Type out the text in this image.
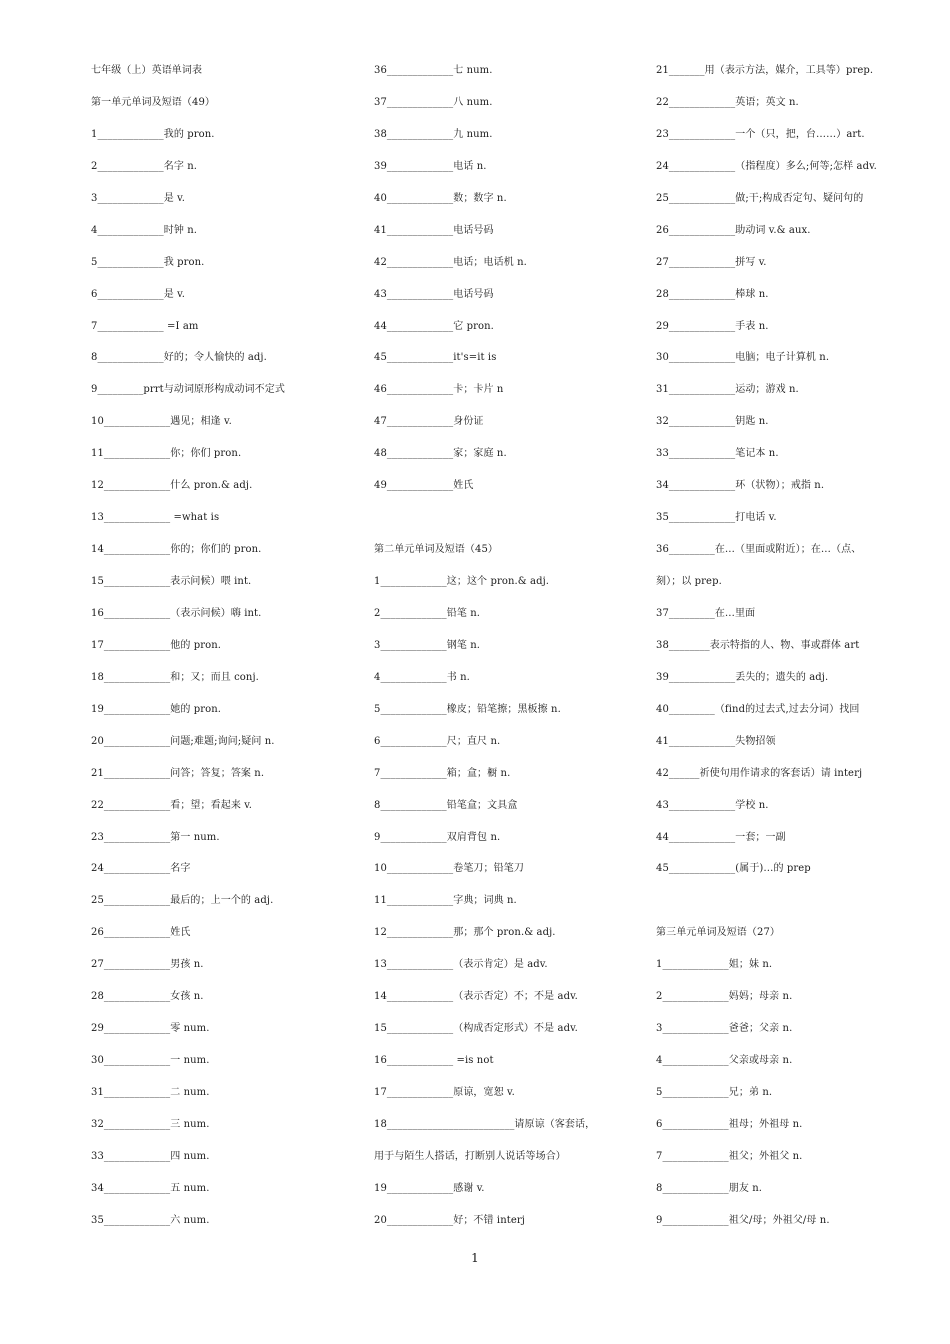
七年级（上）英语单词表
第一单元单词及短语（49）
1_____________我的 pron.
2_____________名字 n.
3_____________是 v.
4_____________时钟 n.
5_____________我 pron.
6_____________是 v.
7_____________ =I am
8_____________好的；令人愉快的 adj.
9_________prrt与动词原形构成动词不定式
10_____________遇见；相逢 v.
11_____________你；你们 pron.
12_____________什么 pron.& adj.
13_____________ =what is
14_____________你的；你们的 pron.
15_____________表示问候）喂 int.
16_____________（表示问候）嗨 int.
17_____________他的 pron.
18_____________和；又；而且 conj.
19_____________她的 pron.
20_____________问题;难题;询问;疑问 n.
21_____________问答；答复；答案 n.
22_____________看；望；看起来 v.
23_____________第一 num.
24_____________名字
25_____________最后的；上一个的 adj.
26_____________姓氏
27_____________男孩 n.
28_____________女孩 n.
29_____________零 num.
30_____________一 num.
31_____________二 num.
32_____________三 num.
33_____________四 num.
34_____________五 num.
35_____________六 num.
36_____________七 num.
37_____________八 num.
38_____________九 num.
39_____________电话 n.
40_____________数；数字 n.
41_____________电话号码
42_____________电话；电话机 n.
43_____________电话号码
44_____________它 pron.
45_____________it's=it is
46_____________卡；卡片 n
47_____________身份证
48_____________家；家庭 n.
49_____________姓氏
第二单元单词及短语（45）
1_____________这；这个 pron.& adj.
2_____________铅笔 n.
3_____________钢笔 n.
4_____________书 n.
5_____________橡皮；铅笔擦；黑板擦 n.
6_____________尺；直尺 n.
7_____________箱；盒；橱 n.
8_____________铅笔盒；文具盒
9_____________双肩背包 n.
10_____________卷笔刀；铅笔刀
11_____________字典；词典 n.
12_____________那；那个 pron.& adj.
13_____________（表示肯定）是 adv.
14_____________（表示否定）不；不是 adv.
15_____________（构成否定形式）不是 adv.
16_____________ =is not
17_____________原谅，宽恕 v.
18_________________________请原谅（客套话，
用于与陌生人搭话，打断别人说话等场合）
19_____________感谢 v.
20_____________好；不错 interj
21_______用（表示方法，媒介，工具等）prep.
22_____________英语；英文 n.
23_____________一个（只，把，台……）art.
24_____________（指程度）多么;何等;怎样 adv.
25_____________做;干;构成否定句、疑问句的
26_____________助动词 v.& aux.
27_____________拼写 v.
28_____________棒球 n.
29_____________手表 n.
30_____________电脑；电子计算机 n.
31_____________运动；游戏 n.
32_____________钥匙 n.
33_____________笔记本 n.
34_____________环（状物）；戒指 n.
35_____________打电话 v.
36_________在…（里面或附近）；在…（点、
刻）；以 prep.
37_________在…里面
38________表示特指的人、物、事或群体 art
39_____________丢失的；遗失的 adj.
40_________（find的过去式,过去分词）找回
41_____________失物招领
42______祈使句用作请求的客套话）请 interj
43_____________学校 n.
44_____________一套；一副
45_____________(属于)…的 prep
第三单元单词及短语（27）
1_____________姐；妹 n.
2_____________妈妈；母亲 n.
3_____________爸爸；父亲 n.
4_____________父亲或母亲 n.
5_____________兄；弟 n.
6_____________祖母；外祖母 n.
7_____________祖父；外祖父 n.
8_____________朋友 n.
9_____________祖父/母；外祖父/母 n.
1
